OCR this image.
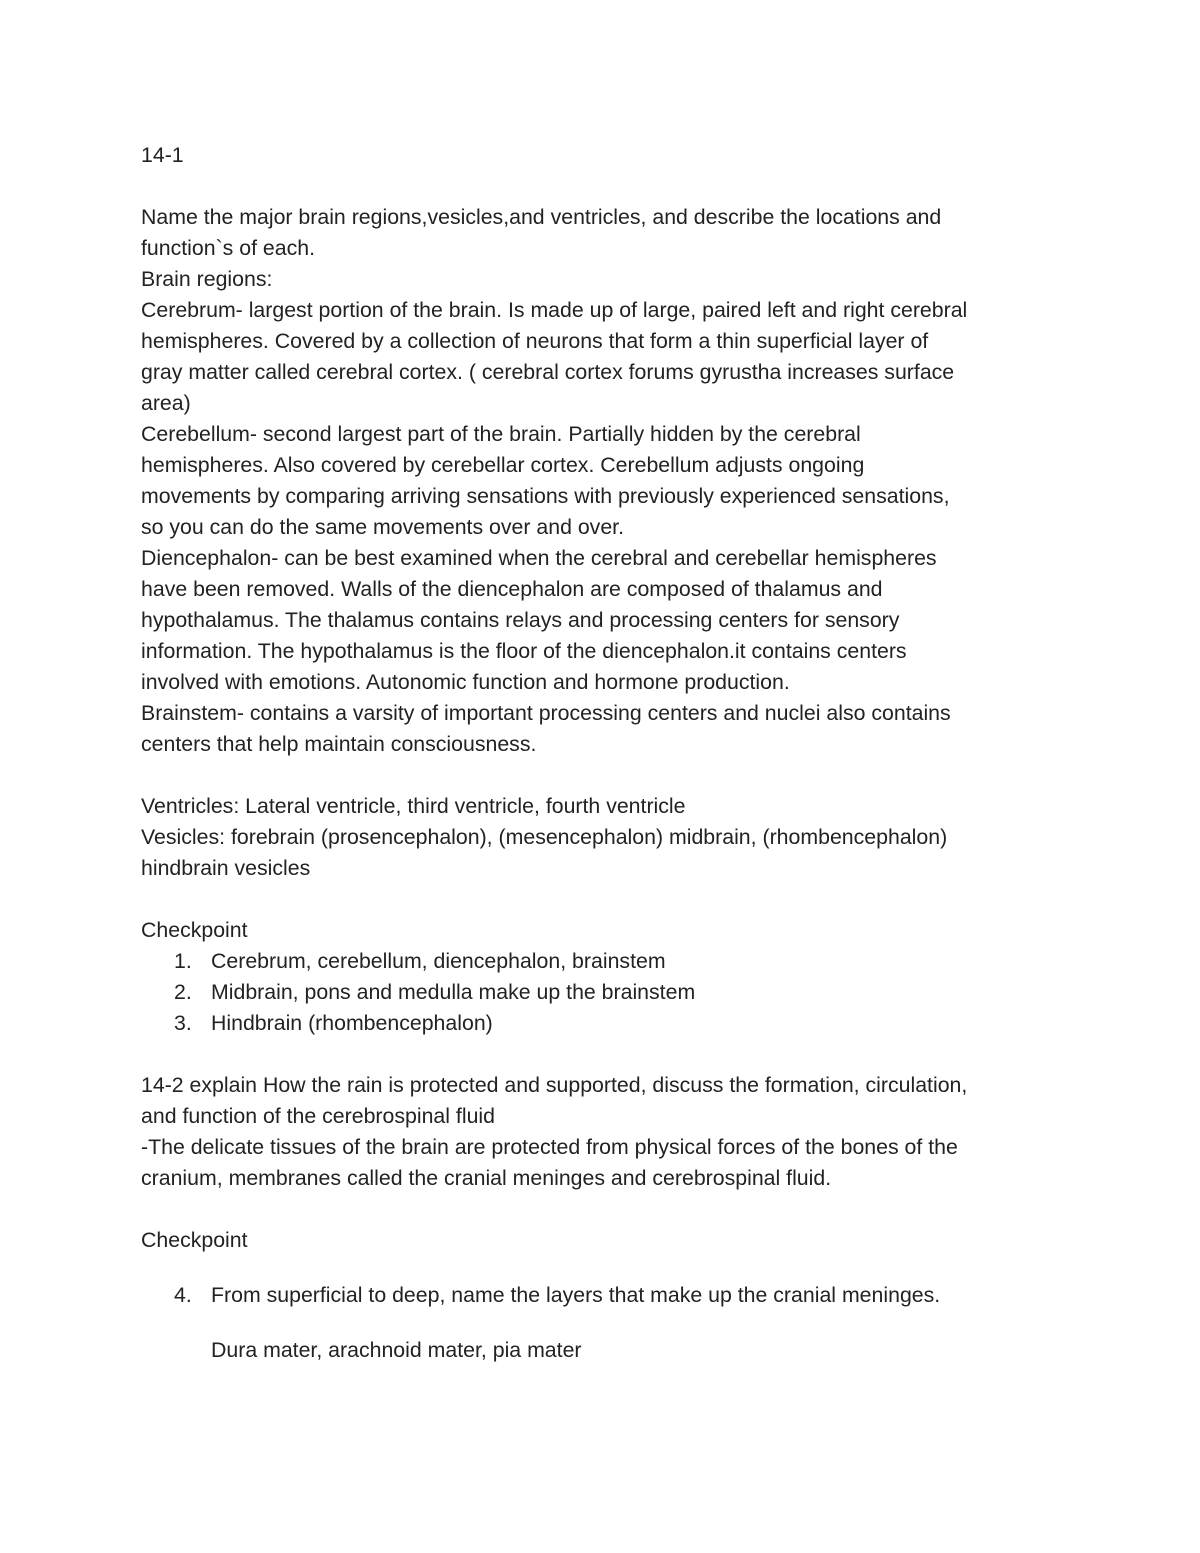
14-1
Name the major brain regions,vesicles,and ventricles, and describe the locations and
function`s of each.
Brain regions:
Cerebrum- largest portion of the brain. Is made up of large, paired left and right cerebral
hemispheres. Covered by a collection of neurons that form a thin superficial layer of
gray matter called cerebral cortex. ( cerebral cortex forums gyrustha increases surface
area)
Cerebellum- second largest part of the brain. Partially hidden by the cerebral
hemispheres. Also covered by cerebellar cortex. Cerebellum adjusts ongoing
movements by comparing arriving sensations with previously experienced sensations,
so you can do the same movements over and over.
Diencephalon- can be best examined when the cerebral and cerebellar hemispheres
have been removed. Walls of the diencephalon are composed of thalamus and
hypothalamus. The thalamus contains relays and processing centers for sensory
information. The hypothalamus is the floor of the diencephalon.it contains centers
involved with emotions. Autonomic function and hormone production.
Brainstem- contains a varsity of important processing centers and nuclei also contains
centers that help maintain consciousness.
Ventricles: Lateral ventricle, third ventricle, fourth ventricle
Vesicles: forebrain (prosencephalon), (mesencephalon) midbrain, (rhombencephalon)
hindbrain vesicles
Checkpoint
1. Cerebrum, cerebellum, diencephalon, brainstem
2. Midbrain, pons and medulla make up the brainstem
3. Hindbrain (rhombencephalon)
14-2 explain How the rain is protected and supported, discuss the formation, circulation,
and function of the cerebrospinal fluid
-The delicate tissues of the brain are protected from physical forces of the bones of the
cranium, membranes called the cranial meninges and cerebrospinal fluid.
Checkpoint
4. From superficial to deep, name the layers that make up the cranial meninges.
Dura mater, arachnoid mater, pia mater
